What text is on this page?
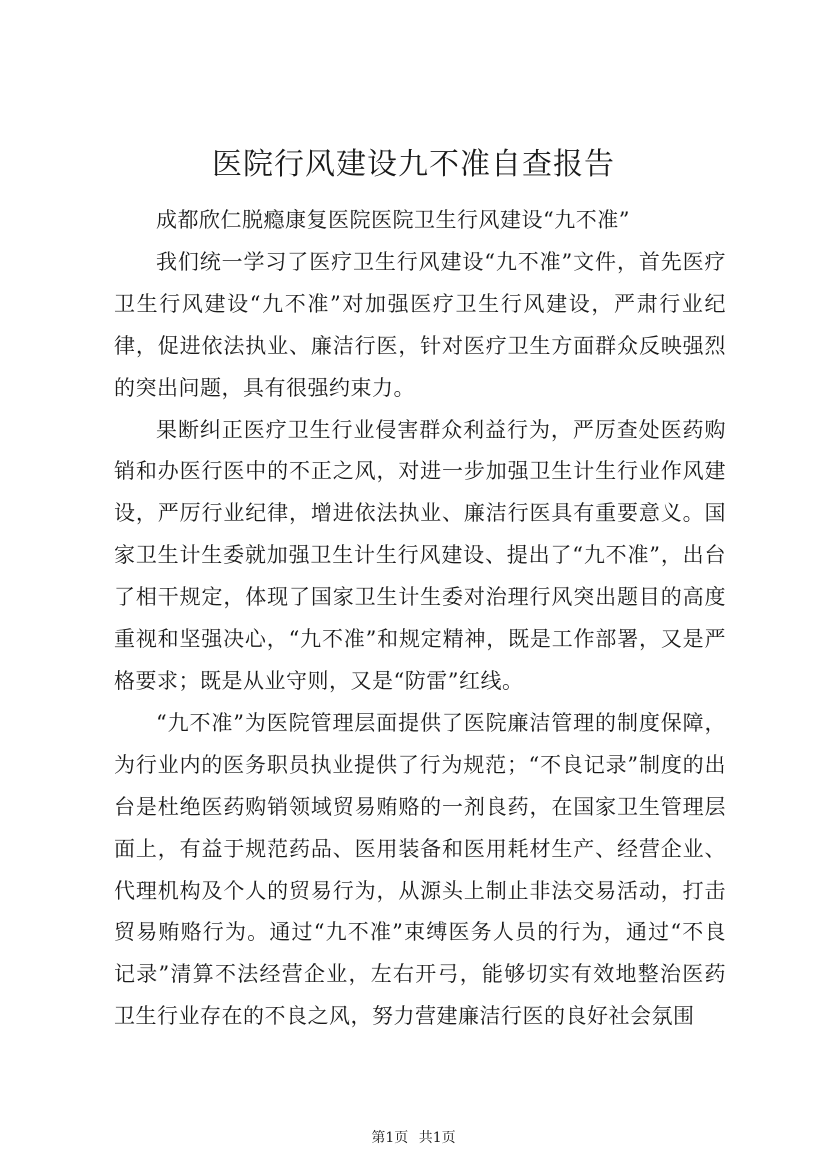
医院行风建设九不准自查报告

成都欣仁脱瘾康复医院医院卫生行风建设“九不准”

我们统一学习了医疗卫生行风建设“九不准”文件，首先医疗卫生行风建设“九不准”对加强医疗卫生行风建设，严肃行业纪律，促进依法执业、廉洁行医，针对医疗卫生方面群众反映强烈的突出问题，具有很强约束力。

果断纠正医疗卫生行业侵害群众利益行为，严厉查处医药购销和办医行医中的不正之风，对进一步加强卫生计生行业作风建设，严厉行业纪律，增进依法执业、廉洁行医具有重要意义。国家卫生计生委就加强卫生计生行风建设、提出了“九不准”，出台了相干规定，体现了国家卫生计生委对治理行风突出题目的高度重视和坚强决心，“九不准”和规定精神，既是工作部署，又是严格要求；既是从业守则，又是“防雷”红线。

“九不准”为医院管理层面提供了医院廉洁管理的制度保障，为行业内的医务职员执业提供了行为规范；“不良记录”制度的出台是杜绝医药购销领域贸易贿赂的一剂良药，在国家卫生管理层面上，有益于规范药品、医用装备和医用耗材生产、经营企业、代理机构及个人的贸易行为，从源头上制止非法交易活动，打击贸易贿赂行为。通过“九不准”束缚医务人员的行为，通过“不良记录”清算不法经营企业，左右开弓，能够切实有效地整治医药卫生行业存在的不良之风，努力营建廉洁行医的良好社会氛围

第1页 共1页
